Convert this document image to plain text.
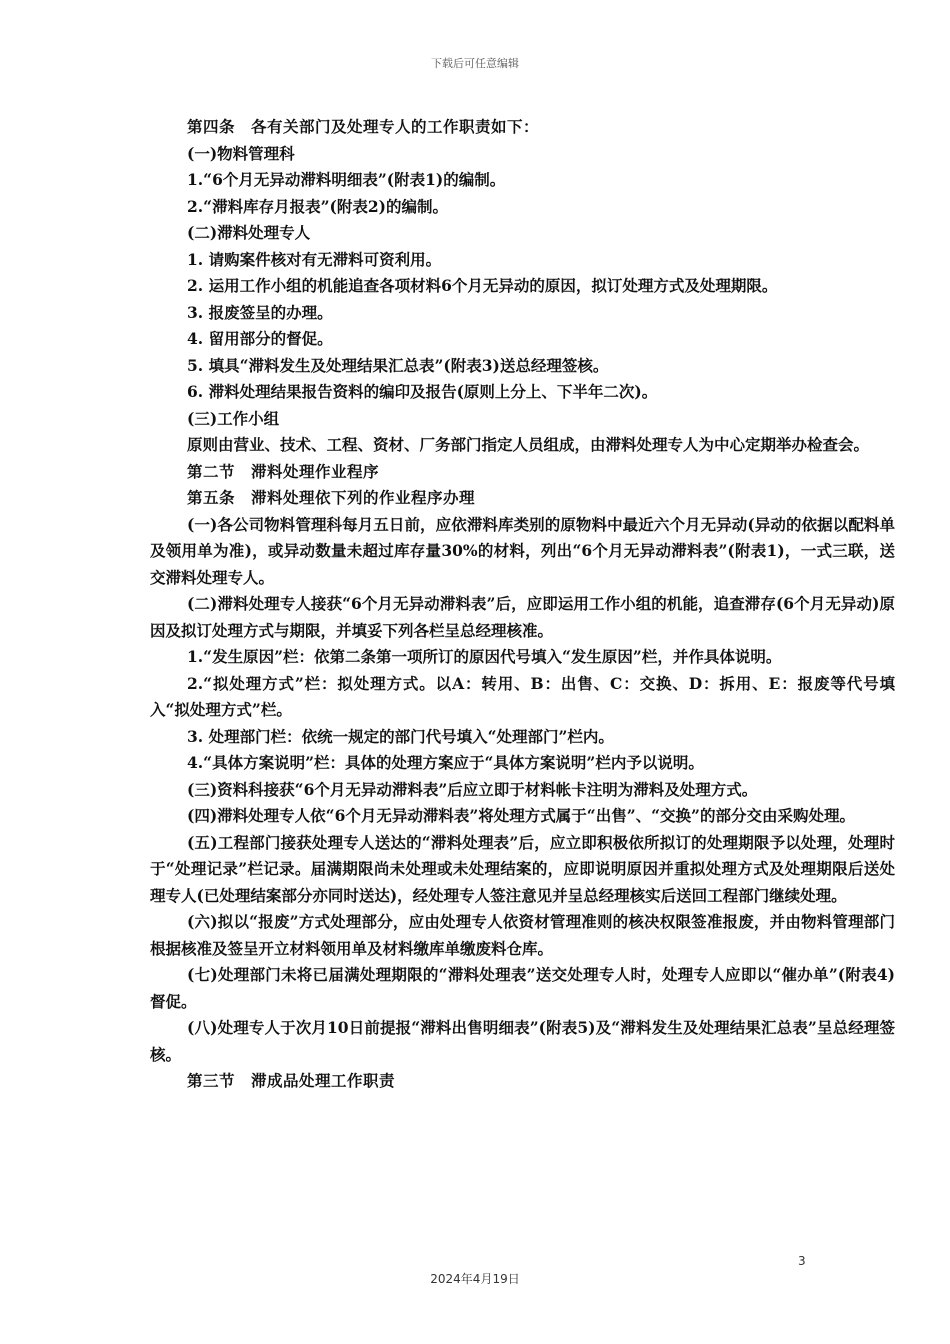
下载后可任意编辑

第四条　各有关部门及处理专人的工作职责如下：

(一)物料管理科

1.“6个月无异动滞料明细表”(附表1)的编制。

2.“滞料库存月报表”(附表2)的编制。

(二)滞料处理专人

1. 请购案件核对有无滞料可资利用。

2. 运用工作小组的机能追查各项材料6个月无异动的原因，拟订处理方式及处理期限。

3. 报废签呈的办理。

4. 留用部分的督促。

5. 填具“滞料发生及处理结果汇总表”(附表3)送总经理签核。

6. 滞料处理结果报告资料的编印及报告(原则上分上、下半年二次)。

(三)工作小组

原则由营业、技术、工程、资材、厂务部门指定人员组成，由滞料处理专人为中心定期举办检查会。

第二节　滞料处理作业程序

第五条　滞料处理依下列的作业程序办理

(一)各公司物料管理科每月五日前，应依滞料库类别的原物料中最近六个月无异动(异动的依据以配料单及领用单为准)，或异动数量未超过库存量30%的材料，列出“6个月无异动滞料表”(附表1)，一式三联，送交滞料处理专人。

(二)滞料处理专人接获“6个月无异动滞料表”后，应即运用工作小组的机能，追查滞存(6个月无异动)原因及拟订处理方式与期限，并填妥下列各栏呈总经理核准。

1.“发生原因”栏：依第二条第一项所订的原因代号填入“发生原因”栏，并作具体说明。

2.“拟处理方式”栏：拟处理方式。以A：转用、B：出售、C：交换、D：拆用、E：报废等代号填入“拟处理方式”栏。

3. 处理部门栏：依统一规定的部门代号填入“处理部门”栏内。

4.“具体方案说明”栏：具体的处理方案应于“具体方案说明”栏内予以说明。

(三)资料科接获“6个月无异动滞料表”后应立即于材料帐卡注明为滞料及处理方式。

(四)滞料处理专人依“6个月无异动滞料表”将处理方式属于“出售”、“交换”的部分交由采购处理。

(五)工程部门接获处理专人送达的“滞料处理表”后，应立即积极依所拟订的处理期限予以处理，处理时于“处理记录”栏记录。届满期限尚未处理或未处理结案的，应即说明原因并重拟处理方式及处理期限后送处理专人(已处理结案部分亦同时送达)，经处理专人签注意见并呈总经理核实后送回工程部门继续处理。

(六)拟以“报废”方式处理部分，应由处理专人依资材管理准则的核决权限签准报废，并由物料管理部门根据核准及签呈开立材料领用单及材料缴库单缴废料仓库。

(七)处理部门未将已届满处理期限的“滞料处理表”送交处理专人时，处理专人应即以“催办单”(附表4)督促。

(八)处理专人于次月10日前提报“滞料出售明细表”(附表5)及“滞料发生及处理结果汇总表”呈总经理签核。

第三节　滞成品处理工作职责

3
2024年4月19日
